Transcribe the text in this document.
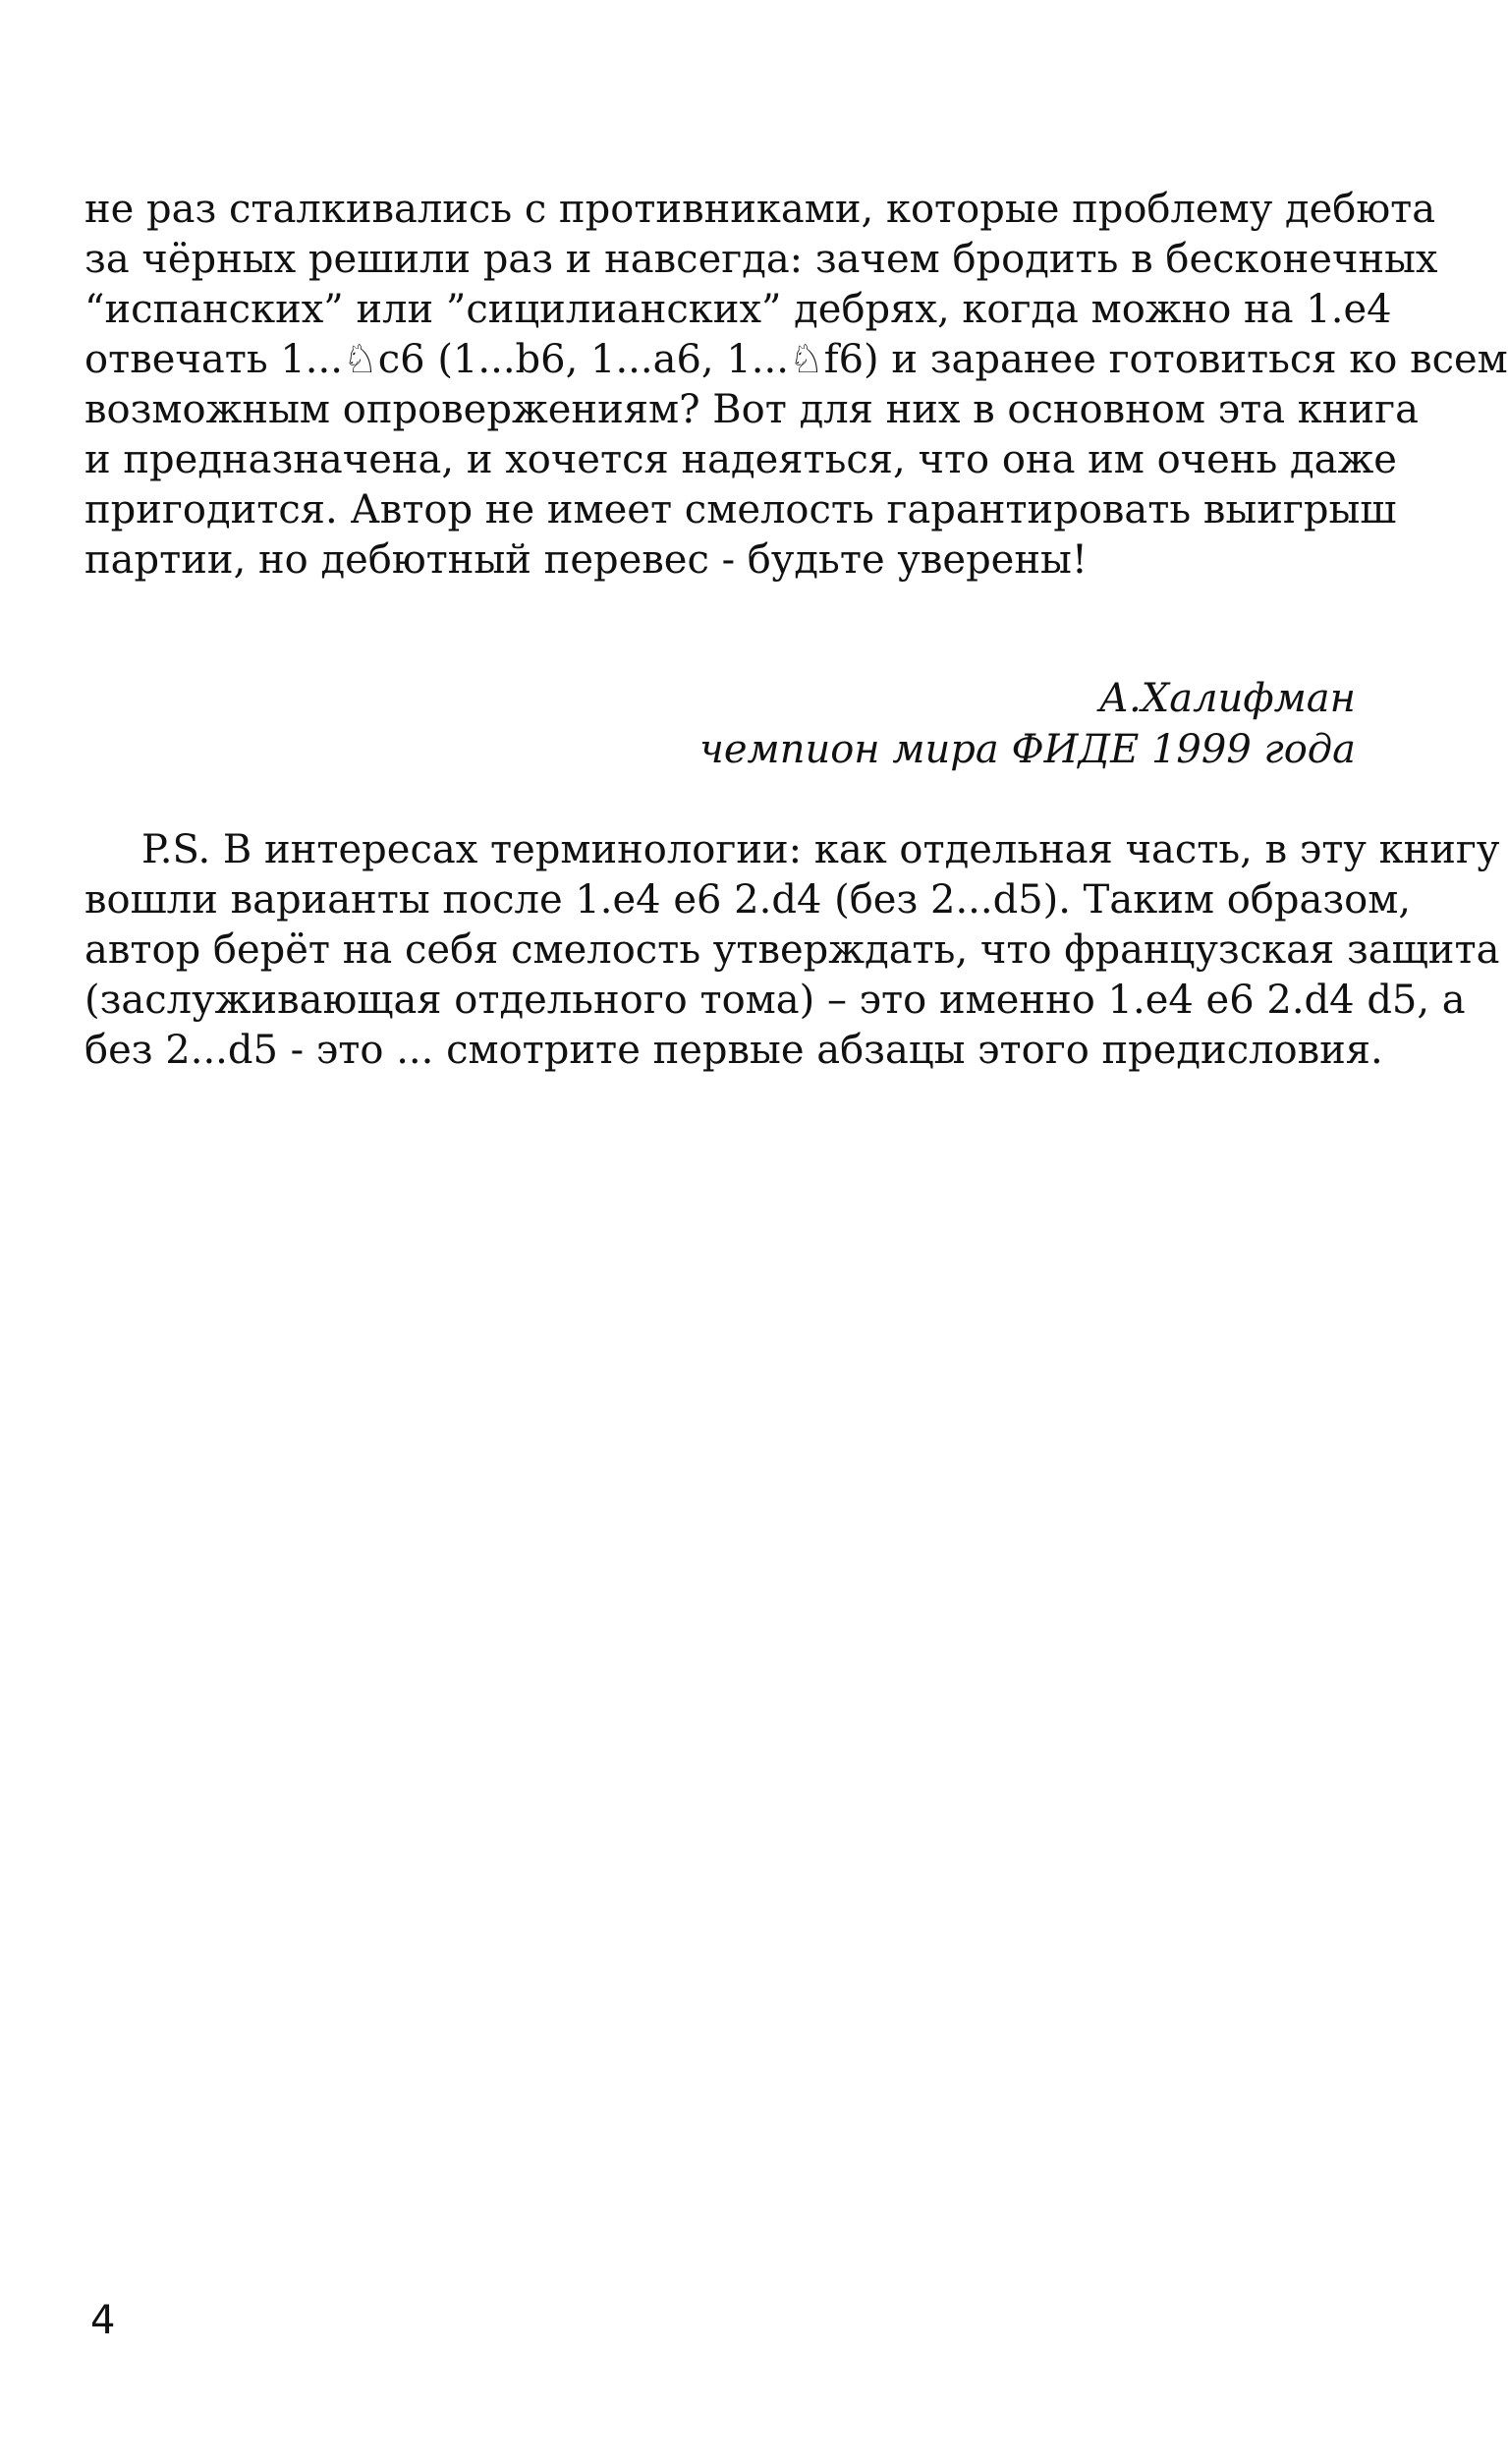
не раз сталкивались с противниками, которые проблему дебюта
за чёрных решили раз и навсегда: зачем бродить в бесконечных
“испанских” или ”сицилианских” дебрях, когда можно на 1.e4
отвечать 1...♘c6 (1...b6, 1...a6, 1...♘f6) и заранее готовиться ко всем
возможным опровержениям? Вот для них в основном эта книга
и предназначена, и хочется надеяться, что она им очень даже
пригодится. Автор не имеет смелость гарантировать выигрыш
партии, но дебютный перевес - будьте уверены!
А.Халифман
чемпион мира ФИДЕ 1999 года
P.S. В интересах терминологии: как отдельная часть, в эту книгу
вошли варианты после 1.e4 e6 2.d4 (без 2...d5). Таким образом,
автор берёт на себя смелость утверждать, что французская защита
(заслуживающая отдельного тома) – это именно 1.e4 e6 2.d4 d5, а
без 2...d5 - это ... смотрите первые абзацы этого предисловия.
4
